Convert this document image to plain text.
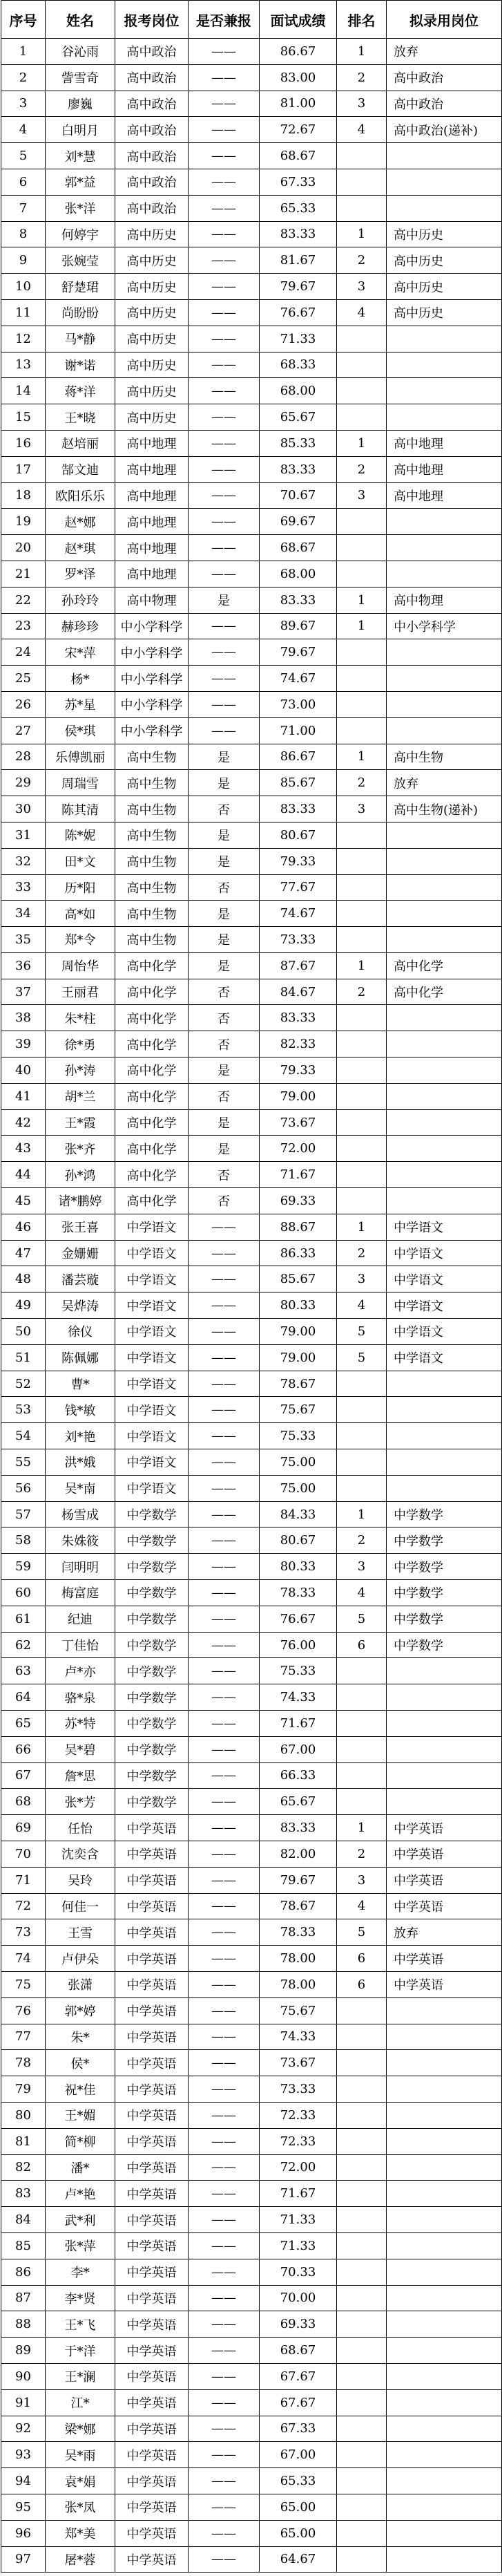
序号	姓名	报考岗位	是否兼报	面试成绩	排名	拟录用岗位
1	谷沁雨	高中政治	——	86.67	1	放弃
2	訾雪奇	高中政治	——	83.00	2	高中政治
3	廖巍	高中政治	——	81.00	3	高中政治
4	白明月	高中政治	——	72.67	4	高中政治(递补)
5	刘*慧	高中政治	——	68.67		
6	郭*益	高中政治	——	67.33		
7	张*洋	高中政治	——	65.33		
8	何婷宇	高中历史	——	83.33	1	高中历史
9	张婉莹	高中历史	——	81.67	2	高中历史
10	舒楚珺	高中历史	——	79.67	3	高中历史
11	尚盼盼	高中历史	——	76.67	4	高中历史
12	马*静	高中历史	——	71.33		
13	谢*诺	高中历史	——	68.33		
14	蒋*洋	高中历史	——	68.00		
15	王*晓	高中历史	——	65.67		
16	赵培丽	高中地理	——	85.33	1	高中地理
17	郜文迪	高中地理	——	83.33	2	高中地理
18	欧阳乐乐	高中地理	——	70.67	3	高中地理
19	赵*娜	高中地理	——	69.67		
20	赵*琪	高中地理	——	68.67		
21	罗*泽	高中地理	——	68.00		
22	孙玲玲	高中物理	是	83.33	1	高中物理
23	赫珍珍	中小学科学	——	89.67	1	中小学科学
24	宋*萍	中小学科学	——	79.67		
25	杨*	中小学科学	——	74.67		
26	苏*星	中小学科学	——	73.00		
27	侯*琪	中小学科学	——	71.00		
28	乐傅凯丽	高中生物	是	86.67	1	高中生物
29	周瑞雪	高中生物	是	85.67	2	放弃
30	陈其清	高中生物	否	83.33	3	高中生物(递补)
31	陈*妮	高中生物	是	80.67		
32	田*文	高中生物	是	79.33		
33	历*阳	高中生物	否	77.67		
34	高*如	高中生物	是	74.67		
35	郑*令	高中生物	是	73.33		
36	周怡华	高中化学	是	87.67	1	高中化学
37	王丽君	高中化学	否	84.67	2	高中化学
38	朱*柱	高中化学	否	83.33		
39	徐*勇	高中化学	否	82.33		
40	孙*涛	高中化学	是	79.33		
41	胡*兰	高中化学	否	79.00		
42	王*霞	高中化学	是	73.67		
43	张*齐	高中化学	是	72.00		
44	孙*鸿	高中化学	否	71.67		
45	诸*鹏婷	高中化学	否	69.33		
46	张王喜	中学语文	——	88.67	1	中学语文
47	金姗姗	中学语文	——	86.33	2	中学语文
48	潘芸璇	中学语文	——	85.67	3	中学语文
49	吴烨涛	中学语文	——	80.33	4	中学语文
50	徐仪	中学语文	——	79.00	5	中学语文
51	陈佩娜	中学语文	——	79.00	5	中学语文
52	曹*	中学语文	——	78.67		
53	钱*敏	中学语文	——	75.67		
54	刘*艳	中学语文	——	75.33		
55	洪*娥	中学语文	——	75.00		
56	吴*南	中学语文	——	75.00		
57	杨雪成	中学数学	——	84.33	1	中学数学
58	朱姝筱	中学数学	——	80.67	2	中学数学
59	闫明明	中学数学	——	80.33	3	中学数学
60	梅富庭	中学数学	——	78.33	4	中学数学
61	纪迪	中学数学	——	76.67	5	中学数学
62	丁佳怡	中学数学	——	76.00	6	中学数学
63	卢*亦	中学数学	——	75.33		
64	骆*泉	中学数学	——	74.33		
65	苏*特	中学数学	——	71.67		
66	吴*碧	中学数学	——	67.00		
67	詹*思	中学数学	——	66.33		
68	张*芳	中学数学	——	65.67		
69	任怡	中学英语	——	83.33	1	中学英语
70	沈奕含	中学英语	——	82.00	2	中学英语
71	吴玲	中学英语	——	79.67	3	中学英语
72	何佳一	中学英语	——	78.67	4	中学英语
73	王雪	中学英语	——	78.33	5	放弃
74	卢伊朵	中学英语	——	78.00	6	中学英语
75	张潇	中学英语	——	78.00	6	中学英语
76	郭*婷	中学英语	——	75.67		
77	朱*	中学英语	——	74.33		
78	侯*	中学英语	——	73.67		
79	祝*佳	中学英语	——	73.33		
80	王*媚	中学英语	——	72.33		
81	简*柳	中学英语	——	72.33		
82	潘*	中学英语	——	72.00		
83	卢*艳	中学英语	——	71.67		
84	武*利	中学英语	——	71.33		
85	张*萍	中学英语	——	71.33		
86	李*	中学英语	——	70.33		
87	李*贤	中学英语	——	70.00		
88	王*飞	中学英语	——	69.33		
89	于*洋	中学英语	——	68.67		
90	王*澜	中学英语	——	67.67		
91	江*	中学英语	——	67.67		
92	梁*娜	中学英语	——	67.33		
93	吴*雨	中学英语	——	67.00		
94	袁*娟	中学英语	——	65.33		
95	张*凤	中学英语	——	65.00		
96	郑*美	中学英语	——	65.00		
97	屠*蓉	中学英语	——	64.67		
